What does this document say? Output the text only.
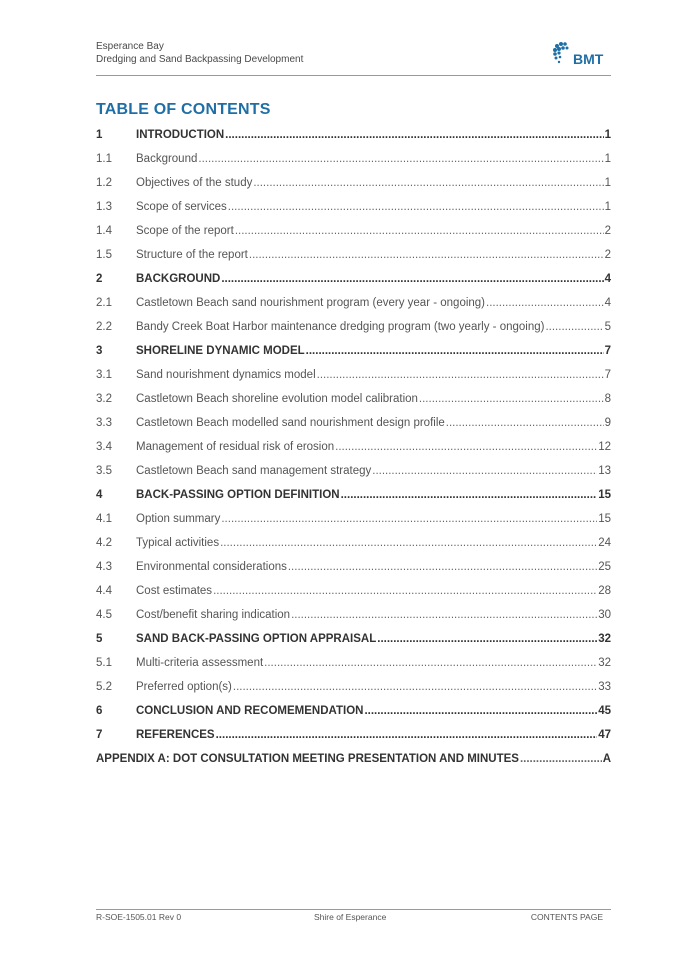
Esperance Bay
Dredging and Sand Backpassing Development	BMT
TABLE OF CONTENTS
1	INTRODUCTION .....	1
1.1	Background .....	1
1.2	Objectives of the study .....	1
1.3	Scope of services .....	1
1.4	Scope of the report .....	2
1.5	Structure of the report .....	2
2	BACKGROUND .....	4
2.1	Castletown Beach sand nourishment program (every year - ongoing) .....	4
2.2	Bandy Creek Boat Harbor maintenance dredging program (two yearly - ongoing) .....	5
3	SHORELINE DYNAMIC MODEL .....	7
3.1	Sand nourishment dynamics model .....	7
3.2	Castletown Beach shoreline evolution model calibration .....	8
3.3	Castletown Beach modelled sand nourishment design profile .....	9
3.4	Management of residual risk of erosion .....	12
3.5	Castletown Beach sand management strategy .....	13
4	BACK-PASSING OPTION DEFINITION .....	15
4.1	Option summary .....	15
4.2	Typical activities .....	24
4.3	Environmental considerations .....	25
4.4	Cost estimates .....	28
4.5	Cost/benefit sharing indication .....	30
5	SAND BACK-PASSING OPTION APPRAISAL .....	32
5.1	Multi-criteria assessment .....	32
5.2	Preferred option(s) .....	33
6	CONCLUSION AND RECOMEMENDATION .....	45
7	REFERENCES .....	47
APPENDIX A: DOT CONSULTATION MEETING PRESENTATION AND MINUTES .....	A
R-SOE-1505.01 Rev 0	Shire of Esperance	CONTENTS PAGE
